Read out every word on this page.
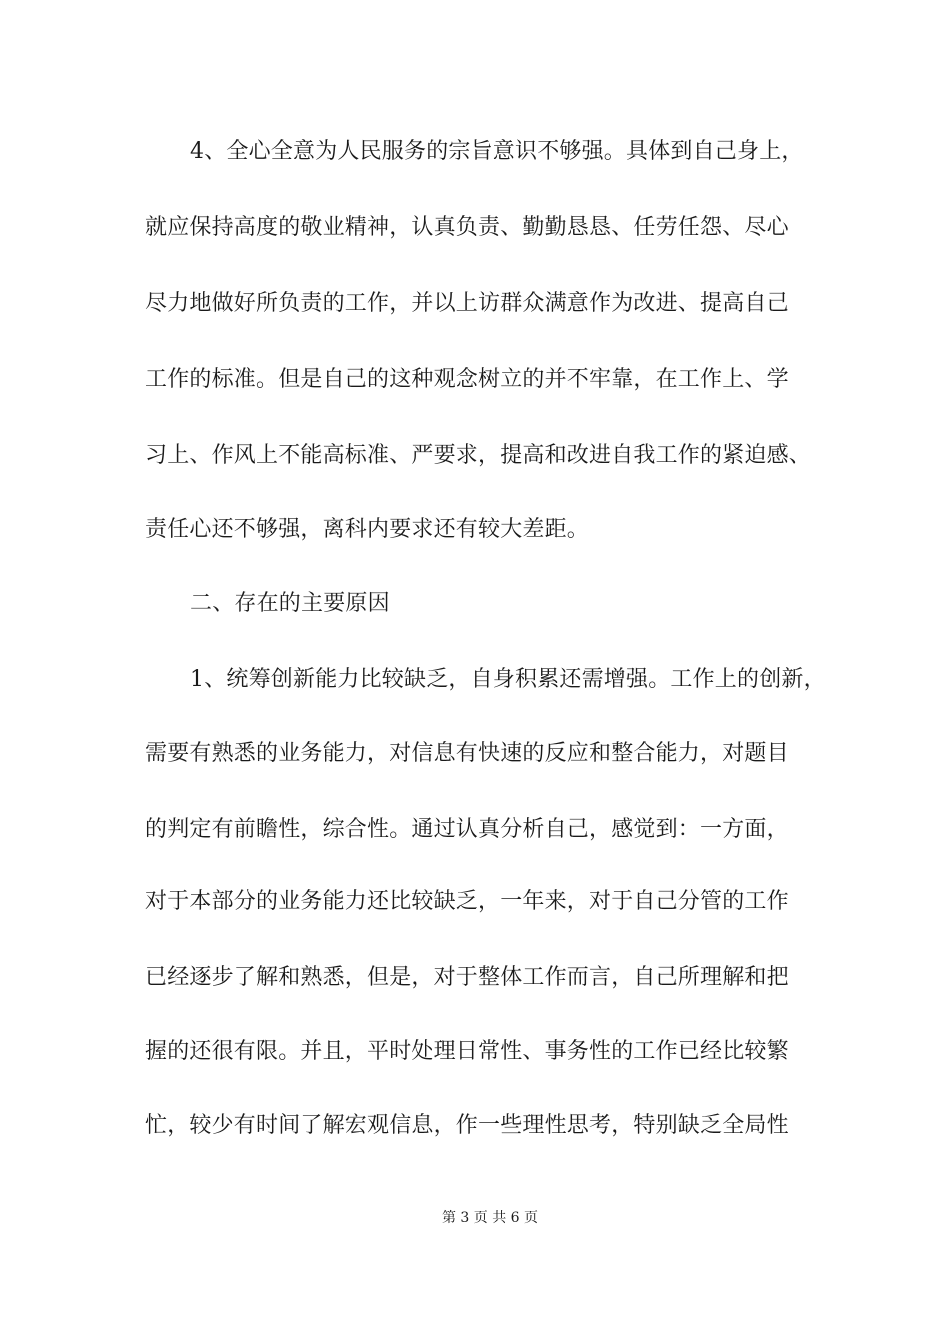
4、全心全意为人民服务的宗旨意识不够强。具体到自己身上，
就应保持高度的敬业精神，认真负责、勤勤恳恳、任劳任怨、尽心
尽力地做好所负责的工作，并以上访群众满意作为改进、提高自己
工作的标准。但是自己的这种观念树立的并不牢靠，在工作上、学
习上、作风上不能高标准、严要求，提高和改进自我工作的紧迫感、
责任心还不够强，离科内要求还有较大差距。
二、存在的主要原因
1、统筹创新能力比较缺乏，自身积累还需增强。工作上的创新，
需要有熟悉的业务能力，对信息有快速的反应和整合能力，对题目
的判定有前瞻性，综合性。通过认真分析自己，感觉到：一方面，
对于本部分的业务能力还比较缺乏，一年来，对于自己分管的工作
已经逐步了解和熟悉，但是，对于整体工作而言，自己所理解和把
握的还很有限。并且，平时处理日常性、事务性的工作已经比较繁
忙，较少有时间了解宏观信息，作一些理性思考，特别缺乏全局性
第 3 页 共 6 页
